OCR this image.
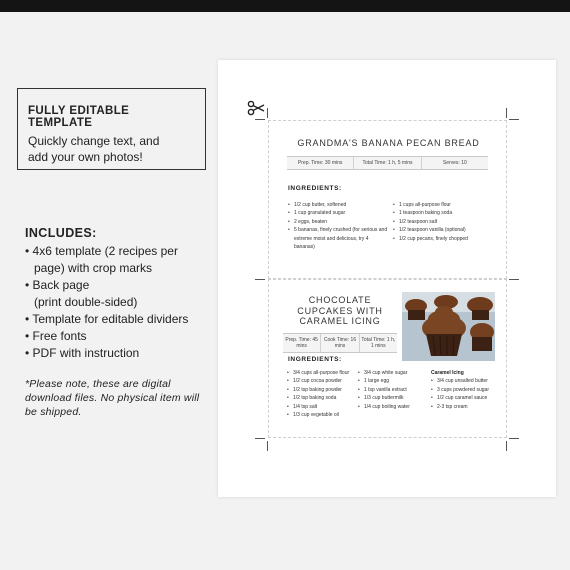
FULLY EDITABLE TEMPLATE
Quickly change text, and
add your own photos!
INCLUDES:
• 4x6 template (2 recipes per
page) with crop marks
• Back page
(print double-sided)
• Template for editable dividers
• Free fonts
• PDF with instruction
*Please note, these are digital download files. No physical item will be shipped.
GRANDMA'S BANANA PECAN BREAD
Prep. Time: 30 mins	Total Time: 1 h, 5 mins	Serves: 10
INGREDIENTS:
• 1/2 cup butter, softened
• 1 cup granulated sugar
• 2 eggs, beaten
• 5 bananas, finely crushed (for serious and extreme moist and delicious, try 4 bananas)
• 1 cups all-purpose flour
• 1 teaspoon baking soda
• 1/2 teaspoon salt
• 1/2 teaspoon vanilla (optional)
• 1/2 cup pecans, finely chopped
CHOCOLATE
CUPCAKES WITH
CARAMEL ICING
Prep. Time: 45 mins
Cook Time: 16 mins
Total Time: 1 h, 1 mins
INGREDIENTS:
• 3/4 cups all-purpose flour
• 1/2 cup cocoa powder
• 1/2 tsp baking powder
• 1/2 tsp baking soda
• 1/4 tsp salt
• 1/3 cup vegetable oil
• 3/4 cup white sugar
• 1 large egg
• 1 tsp vanilla extract
• 1/3 cup buttermilk
• 1/4 cup boiling water
Caramel Icing
• 3/4 cup unsalted butter
• 3 cups powdered sugar
• 1/2 cup caramel sauce
• 2-3 tsp cream
